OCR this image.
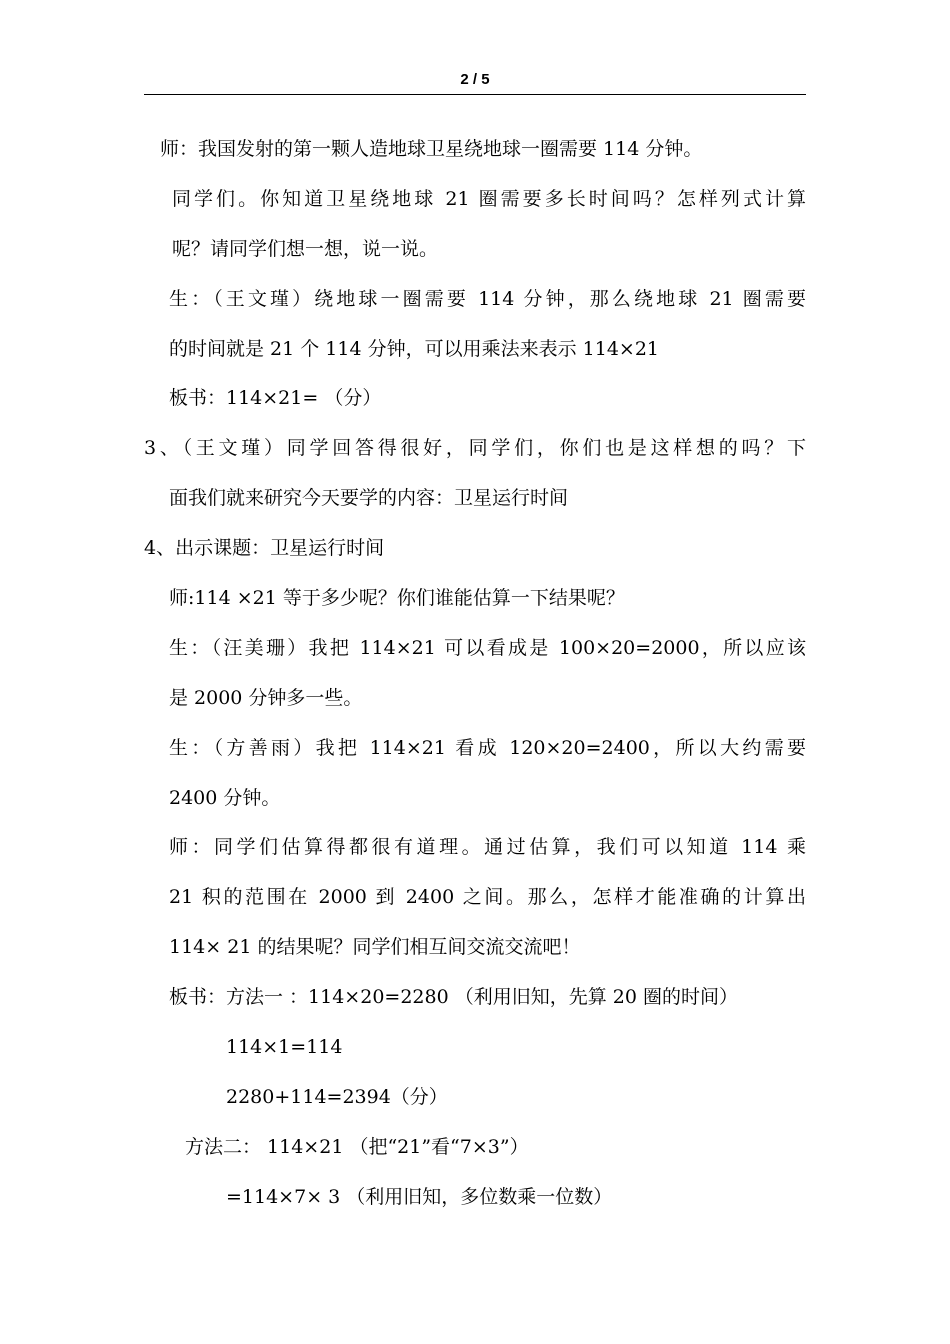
2 / 5
师：我国发射的第一颗人造地球卫星绕地球一圈需要 114 分钟。
同学们。你知道卫星绕地球 21 圈需要多长时间吗？怎样列式计算
呢？请同学们想一想，说一说。
生：（王文瑾）绕地球一圈需要 114 分钟，那么绕地球 21 圈需要
的时间就是 21 个 114 分钟，可以用乘法来表示 114×21
板书：114×21= （分）
3、（王文瑾）同学回答得很好，同学们，你们也是这样想的吗？下
面我们就来研究今天要学的内容：卫星运行时间
4、出示课题：卫星运行时间
师:114 ×21 等于多少呢？你们谁能估算一下结果呢？
生：（汪美珊）我把 114×21 可以看成是 100×20=2000，所以应该
是 2000 分钟多一些。
生：（方善雨）我把 114×21 看成 120×20=2400，所以大约需要
2400 分钟。
师：同学们估算得都很有道理。通过估算，我们可以知道 114 乘
21 积的范围在 2000 到 2400 之间。那么，怎样才能准确的计算出
114× 21 的结果呢？同学们相互间交流交流吧！
板书：方法一 ：114×20=2280 （利用旧知，先算 20 圈的时间）
114×1=114
2280+114=2394（分）
方法二： 114×21 （把“21”看“7×3”）
=114×7× 3 （利用旧知，多位数乘一位数）
